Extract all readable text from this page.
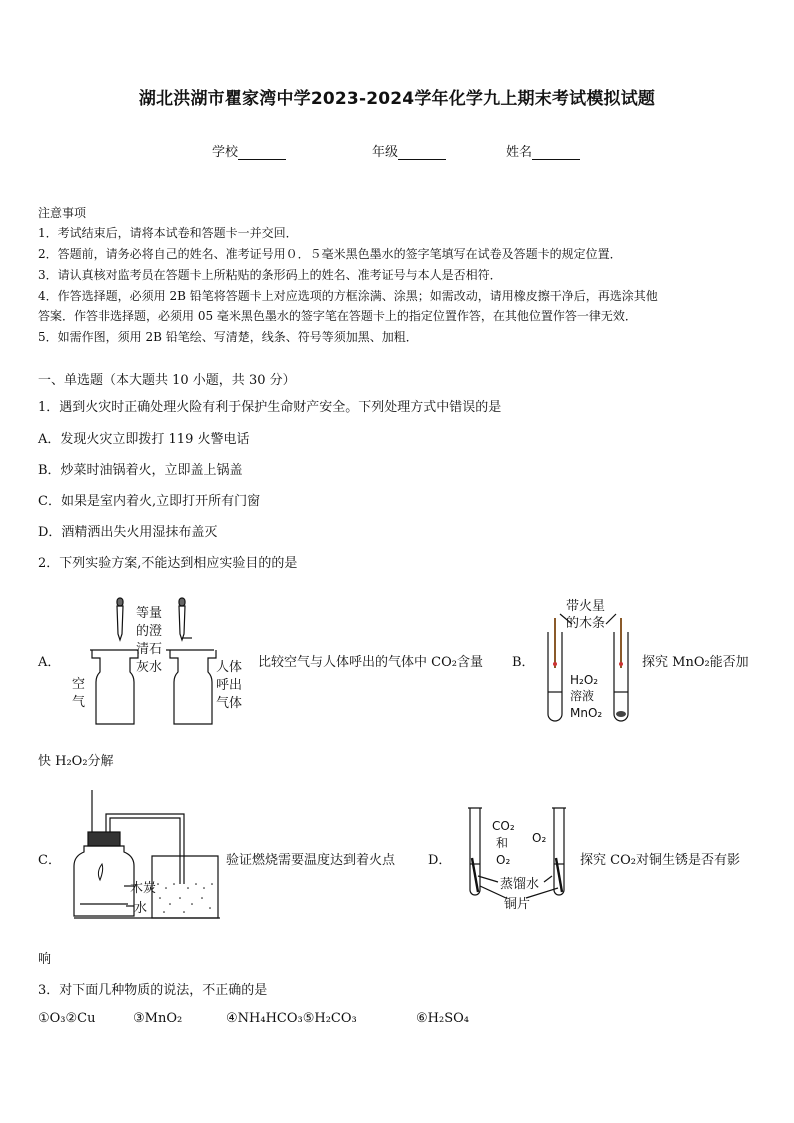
湖北洪湖市瞿家湾中学2023-2024学年化学九上期末考试模拟试题
学校	年级	姓名
注意事项
1．考试结束后，请将本试卷和答题卡一并交回．
2．答题前，请务必将自己的姓名、准考证号用０．５毫米黑色墨水的签字笔填写在试卷及答题卡的规定位置．
3．请认真核对监考员在答题卡上所粘贴的条形码上的姓名、准考证号与本人是否相符．
4．作答选择题，必须用 2B 铅笔将答题卡上对应选项的方框涂满、涂黑；如需改动，请用橡皮擦干净后，再选涂其他
答案．作答非选择题，必须用 05 毫米黑色墨水的签字笔在答题卡上的指定位置作答，在其他位置作答一律无效．
5．如需作图，须用 2B 铅笔绘、写清楚，线条、符号等须加黑、加粗．
一、单选题（本大题共 10 小题，共 30 分）
1．遇到火灾时正确处理火险有利于保护生命财产安全。下列处理方式中错误的是
A．发现火灾立即拨打 119 火警电话
B．炒菜时油锅着火，立即盖上锅盖
C．如果是室内着火,立即打开所有门窗
D．酒精洒出失火用湿抹布盖灭
2．下列实验方案,不能达到相应实验目的的是
A．
等量
的澄
清石
灰水
空
气
人体
呼出
气体
比较空气与人体呼出的气体中 CO₂含量 B．
带火星
的木条
H₂O₂
溶液
MnO₂
探究 MnO₂能否加
快 H₂O₂分解
C．
木炭
水
验证燃烧需要温度达到着火点	D．
CO₂
和
O₂
O₂
蒸馏水
铜片
探究 CO₂对铜生锈是否有影
响
3．对下面几种物质的说法，不正确的是
①O₃②Cu	③MnO₂	④NH₄HCO₃⑤H₂CO₃	⑥H₂SO₄
